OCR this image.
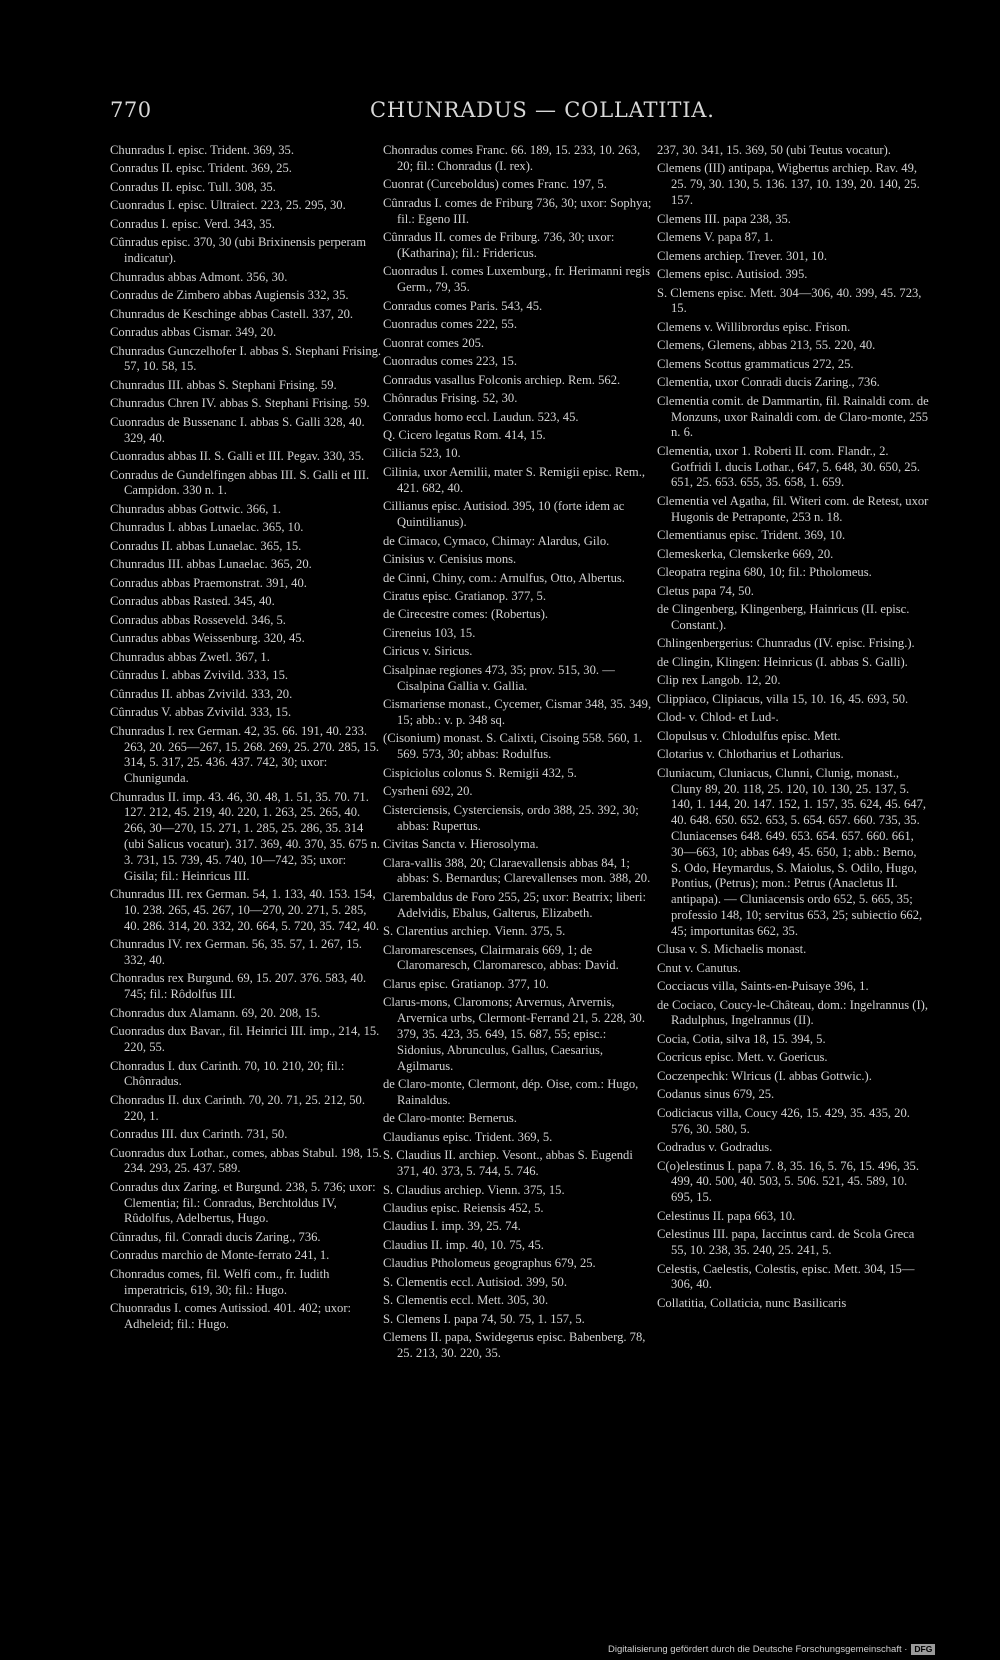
770	CHUNRADUS — COLLATITIA.
Chunradus I. episc. Trident. 369, 35.
Conradus II. episc. Trident. 369, 25.
Conradus II. episc. Tull. 308, 35.
Cuonradus I. episc. Ultraiect. 223, 25. 295, 30.
Conradus I. episc. Verd. 343, 35.
Cûnradus episc. 370, 30 (ubi Brixinensis perperam indicatur).
Chunradus abbas Admont. 356, 30.
Conradus de Zimbero abbas Augiensis 332, 35.
Chunradus de Keschinge abbas Castell. 337, 20.
Conradus abbas Cismar. 349, 20.
Chunradus Gunczelhofer I. abbas S. Stephani Frising. 57, 10. 58, 15.
Chunradus III. abbas S. Stephani Frising. 59.
Chunradus Chren IV. abbas S. Stephani Frising. 59.
Cuonradus de Bussenanc I. abbas S. Galli 328, 40. 329, 40.
Cuonradus abbas II. S. Galli et III. Pegav. 330, 35.
Conradus de Gundelfingen abbas III. S. Galli et III. Campidon. 330 n. 1.
Chunradus abbas Gottwic. 366, 1.
Chunradus I. abbas Lunaelac. 365, 10.
Conradus II. abbas Lunaelac. 365, 15.
Chunradus III. abbas Lunaelac. 365, 20.
Conradus abbas Praemonstrat. 391, 40.
Conradus abbas Rasted. 345, 40.
Conradus abbas Rosseveld. 346, 5.
Cunradus abbas Weissenburg. 320, 45.
Chunradus abbas Zwetl. 367, 1.
Cûnradus I. abbas Zvivild. 333, 15.
Cûnradus II. abbas Zvivild. 333, 20.
Cûnradus V. abbas Zvivild. 333, 15.
Chunradus I. rex German. 42, 35. 66. 191, 40. 233. 263, 20. 265—267, 15. 268. 269, 25. 270. 285, 15. 314, 5. 317, 25. 436. 437. 742, 30; uxor: Chunigunda.
Chunradus II. imp. 43. 46, 30. 48, 1. 51, 35. 70. 71. 127. 212, 45. 219, 40. 220, 1. 263, 25. 265, 40. 266, 30—270, 15. 271, 1. 285, 25. 286, 35. 314 (ubi Salicus vocatur). 317. 369, 40. 370, 35. 675 n. 3. 731, 15. 739, 45. 740, 10—742, 35; uxor: Gisila; fil.: Heinricus III.
Chunradus III. rex German. 54, 1. 133, 40. 153. 154, 10. 238. 265, 45. 267, 10—270, 20. 271, 5. 285, 40. 286. 314, 20. 332, 20. 664, 5. 720, 35. 742, 40.
Chunradus IV. rex German. 56, 35. 57, 1. 267, 15. 332, 40.
Chonradus rex Burgund. 69, 15. 207. 376. 583, 40. 745; fil.: Rôdolfus III.
Chonradus dux Alamann. 69, 20. 208, 15.
Cuonradus dux Bavar., fil. Heinrici III. imp., 214, 15. 220, 55.
Chonradus I. dux Carinth. 70, 10. 210, 20; fil.: Chônradus.
Chonradus II. dux Carinth. 70, 20. 71, 25. 212, 50. 220, 1.
Conradus III. dux Carinth. 731, 50.
Cuonradus dux Lothar., comes, abbas Stabul. 198, 15. 234. 293, 25. 437. 589.
Conradus dux Zaring. et Burgund. 238, 5. 736; uxor: Clementia; fil.: Conradus, Berchtoldus IV, Rûdolfus, Adelbertus, Hugo.
Cûnradus, fil. Conradi ducis Zaring., 736.
Conradus marchio de Monte-ferrato 241, 1.
Chonradus comes, fil. Welfi com., fr. Iudith imperatricis, 619, 30; fil.: Hugo.
Chuonradus I. comes Autissiod. 401. 402; uxor: Adheleid; fil.: Hugo.
Chonradus comes Franc. 66. 189, 15. 233, 10. 263, 20; fil.: Chonradus (I. rex).
Cuonrat (Curceboldus) comes Franc. 197, 5.
Cûnradus I. comes de Friburg 736, 30; uxor: Sophya; fil.: Egeno III.
Cûnradus II. comes de Friburg. 736, 30; uxor: (Katharina); fil.: Fridericus.
Cuonradus I. comes Luxemburg., fr. Herimanni regis Germ., 79, 35.
Conradus comes Paris. 543, 45.
Cuonradus comes 222, 55.
Cuonrat comes 205.
Cuonradus comes 223, 15.
Conradus vasallus Folconis archiep. Rem. 562.
Chônradus Frising. 52, 30.
Conradus homo eccl. Laudun. 523, 45.
Q. Cicero legatus Rom. 414, 15.
Cilicia 523, 10.
Cilinia, uxor Aemilii, mater S. Remigii episc. Rem., 421. 682, 40.
Cillianus episc. Autisiod. 395, 10 (forte idem ac Quintilianus).
de Cimaco, Cymaco, Chimay: Alardus, Gilo.
Cinisius v. Cenisius mons.
de Cinni, Chiny, com.: Arnulfus, Otto, Albertus.
Ciratus episc. Gratianop. 377, 5.
de Cirecestre comes: (Robertus).
Cireneius 103, 15.
Ciricus v. Siricus.
Cisalpinae regiones 473, 35; prov. 515, 30. — Cisalpina Gallia v. Gallia.
Cismariense monast., Cycemer, Cismar 348, 35. 349, 15; abb.: v. p. 348 sq.
(Cisonium) monast. S. Calixti, Cisoing 558. 560, 1. 569. 573, 30; abbas: Rodulfus.
Cispiciolus colonus S. Remigii 432, 5.
Cysrheni 692, 20.
Cisterciensis, Cysterciensis, ordo 388, 25. 392, 30; abbas: Rupertus.
Civitas Sancta v. Hierosolyma.
Clara-vallis 388, 20; Claraevallensis abbas 84, 1; abbas: S. Bernardus; Clarevallenses mon. 388, 20.
Clarembaldus de Foro 255, 25; uxor: Beatrix; liberi: Adelvidis, Ebalus, Galterus, Elizabeth.
S. Clarentius archiep. Vienn. 375, 5.
Claromarescenses, Clairmarais 669, 1; de Claromaresch, Claromaresco, abbas: David.
Clarus episc. Gratianop. 377, 10.
Clarus-mons, Claromons; Arvernus, Arvernis, Arvernica urbs, Clermont-Ferrand 21, 5. 228, 30. 379, 35. 423, 35. 649, 15. 687, 55; episc.: Sidonius, Abrunculus, Gallus, Caesarius, Agilmarus.
de Claro-monte, Clermont, dép. Oise, com.: Hugo, Rainaldus.
de Claro-monte: Bernerus.
Claudianus episc. Trident. 369, 5.
S. Claudius II. archiep. Vesont., abbas S. Eugendi 371, 40. 373, 5. 744, 5. 746.
S. Claudius archiep. Vienn. 375, 15.
Claudius episc. Reiensis 452, 5.
Claudius I. imp. 39, 25. 74.
Claudius II. imp. 40, 10. 75, 45.
Claudius Ptholomeus geographus 679, 25.
S. Clementis eccl. Autisiod. 399, 50.
S. Clementis eccl. Mett. 305, 30.
S. Clemens I. papa 74, 50. 75, 1. 157, 5.
Clemens II. papa, Swidegerus episc. Babenberg. 78, 25. 213, 30. 220, 35.
237, 30. 341, 15. 369, 50 (ubi Teutus vocatur).
Clemens (III) antipapa, Wigbertus archiep. Rav. 49, 25. 79, 30. 130, 5. 136. 137, 10. 139, 20. 140, 25. 157.
Clemens III. papa 238, 35.
Clemens V. papa 87, 1.
Clemens archiep. Trever. 301, 10.
Clemens episc. Autisiod. 395.
S. Clemens episc. Mett. 304—306, 40. 399, 45. 723, 15.
Clemens v. Willibrordus episc. Frison.
Clemens, Glemens, abbas 213, 55. 220, 40.
Clemens Scottus grammaticus 272, 25.
Clementia, uxor Conradi ducis Zaring., 736.
Clementia comit. de Dammartin, fil. Rainaldi com. de Monzuns, uxor Rainaldi com. de Claro-monte, 255 n. 6.
Clementia, uxor 1. Roberti II. com. Flandr., 2. Gotfridi I. ducis Lothar., 647, 5. 648, 30. 650, 25. 651, 25. 653. 655, 35. 658, 1. 659.
Clementia vel Agatha, fil. Witeri com. de Retest, uxor Hugonis de Petraponte, 253 n. 18.
Clementianus episc. Trident. 369, 10.
Clemeskerka, Clemskerke 669, 20.
Cleopatra regina 680, 10; fil.: Ptholomeus.
Cletus papa 74, 50.
de Clingenberg, Klingenberg, Hainricus (II. episc. Constant.).
Chlingenbergerius: Chunradus (IV. episc. Frising.).
de Clingin, Klingen: Heinricus (I. abbas S. Galli).
Clip rex Langob. 12, 20.
Clippiaco, Clipiacus, villa 15, 10. 16, 45. 693, 50.
Clod- v. Chlod- et Lud-.
Clopulsus v. Chlodulfus episc. Mett.
Clotarius v. Chlotharius et Lotharius.
Cluniacum, Cluniacus, Clunni, Clunig, monast., Cluny 89, 20. 118, 25. 120, 10. 130, 25. 137, 5. 140, 1. 144, 20. 147. 152, 1. 157, 35. 624, 45. 647, 40. 648. 650. 652. 653, 5. 654. 657. 660. 735, 35. Cluniacenses 648. 649. 653. 654. 657. 660. 661, 30—663, 10; abbas 649, 45. 650, 1; abb.: Berno, S. Odo, Heymardus, S. Maiolus, S. Odilo, Hugo, Pontius, (Petrus); mon.: Petrus (Anacletus II. antipapa). — Cluniacensis ordo 652, 5. 665, 35; professio 148, 10; servitus 653, 25; subiectio 662, 45; importunitas 662, 35.
Clusa v. S. Michaelis monast.
Cnut v. Canutus.
Cocciacus villa, Saints-en-Puisaye 396, 1.
de Cociaco, Coucy-le-Château, dom.: Ingelrannus (I), Radulphus, Ingelrannus (II).
Cocia, Cotia, silva 18, 15. 394, 5.
Cocricus episc. Mett. v. Goericus.
Coczenpechk: Wlricus (I. abbas Gottwic.).
Codanus sinus 679, 25.
Codiciacus villa, Coucy 426, 15. 429, 35. 435, 20. 576, 30. 580, 5.
Codradus v. Godradus.
C(o)elestinus I. papa 7. 8, 35. 16, 5. 76, 15. 496, 35. 499, 40. 500, 40. 503, 5. 506. 521, 45. 589, 10. 695, 15.
Celestinus II. papa 663, 10.
Celestinus III. papa, Iaccintus card. de Scola Greca 55, 10. 238, 35. 240, 25. 241, 5.
Celestis, Caelestis, Colestis, episc. Mett. 304, 15—306, 40.
Collatitia, Collaticia, nunc Basilicaris
Digitalisierung gefördert durch die Deutsche Forschungsgemeinschaft · DFG
